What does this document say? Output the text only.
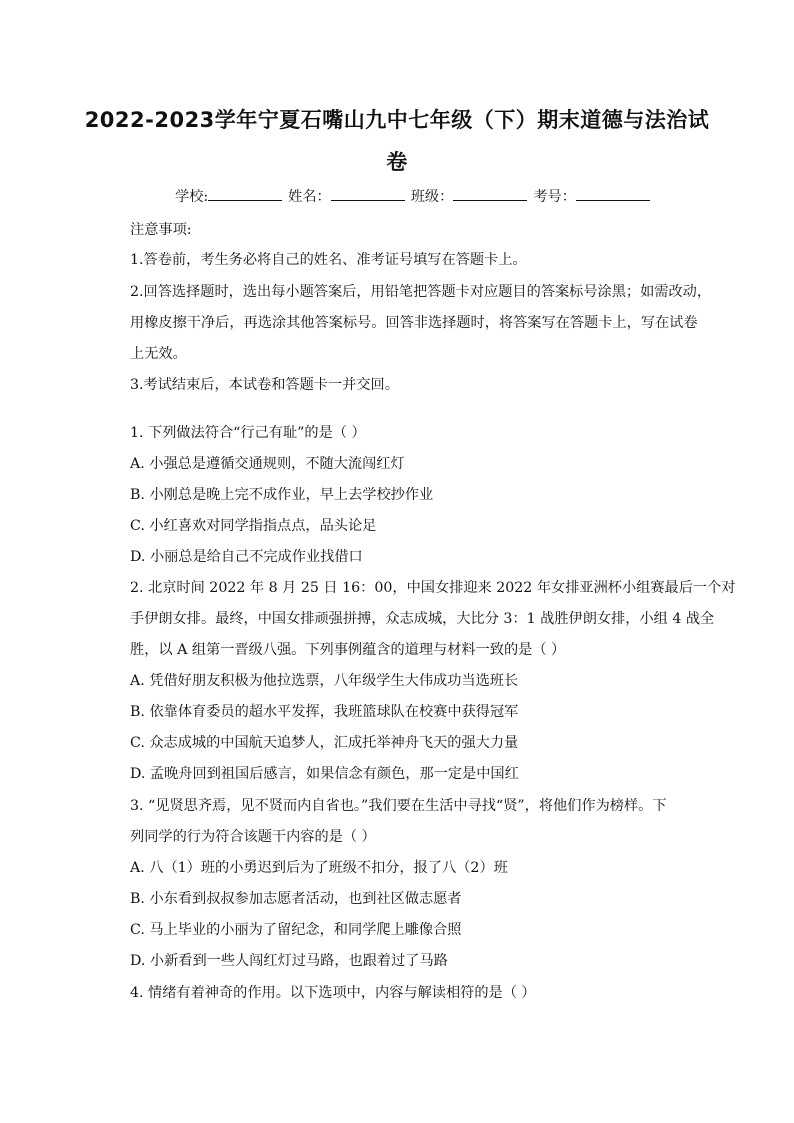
2022-2023学年宁夏石嘴山九中七年级（下）期末道德与法治试
卷
学校:	姓名：	班级：	考号：
注意事项:
1.答卷前，考生务必将自己的姓名、准考证号填写在答题卡上。
2.回答选择题时，选出每小题答案后，用铅笔把答题卡对应题目的答案标号涂黑；如需改动，
用橡皮擦干净后，再选涂其他答案标号。回答非选择题时，将答案写在答题卡上，写在试卷
上无效。
3.考试结束后，本试卷和答题卡一并交回。
1. 下列做法符合“行己有耻”的是（ ）
A. 小强总是遵循交通规则，不随大流闯红灯
B. 小刚总是晚上完不成作业，早上去学校抄作业
C. 小红喜欢对同学指指点点，品头论足
D. 小丽总是给自己不完成作业找借口
2. 北京时间 2022 年 8 月 25 日 16：00，中国女排迎来 2022 年女排亚洲杯小组赛最后一个对
手伊朗女排。最终，中国女排顽强拼搏，众志成城，大比分 3：1 战胜伊朗女排，小组 4 战全
胜，以 A 组第一晋级八强。下列事例蕴含的道理与材料一致的是（ ）
A. 凭借好朋友积极为他拉选票，八年级学生大伟成功当选班长
B. 依靠体育委员的超水平发挥，我班篮球队在校赛中获得冠军
C. 众志成城的中国航天追梦人，汇成托举神舟飞天的强大力量
D. 孟晚舟回到祖国后感言，如果信念有颜色，那一定是中国红
3. “见贤思齐焉，见不贤而内自省也。”我们要在生活中寻找“贤”，将他们作为榜样。下
列同学的行为符合该题干内容的是（ ）
A. 八（1）班的小勇迟到后为了班级不扣分，报了八（2）班
B. 小东看到叔叔参加志愿者活动，也到社区做志愿者
C. 马上毕业的小丽为了留纪念，和同学爬上雕像合照
D. 小新看到一些人闯红灯过马路，也跟着过了马路
4. 情绪有着神奇的作用。以下选项中，内容与解读相符的是（ ）
